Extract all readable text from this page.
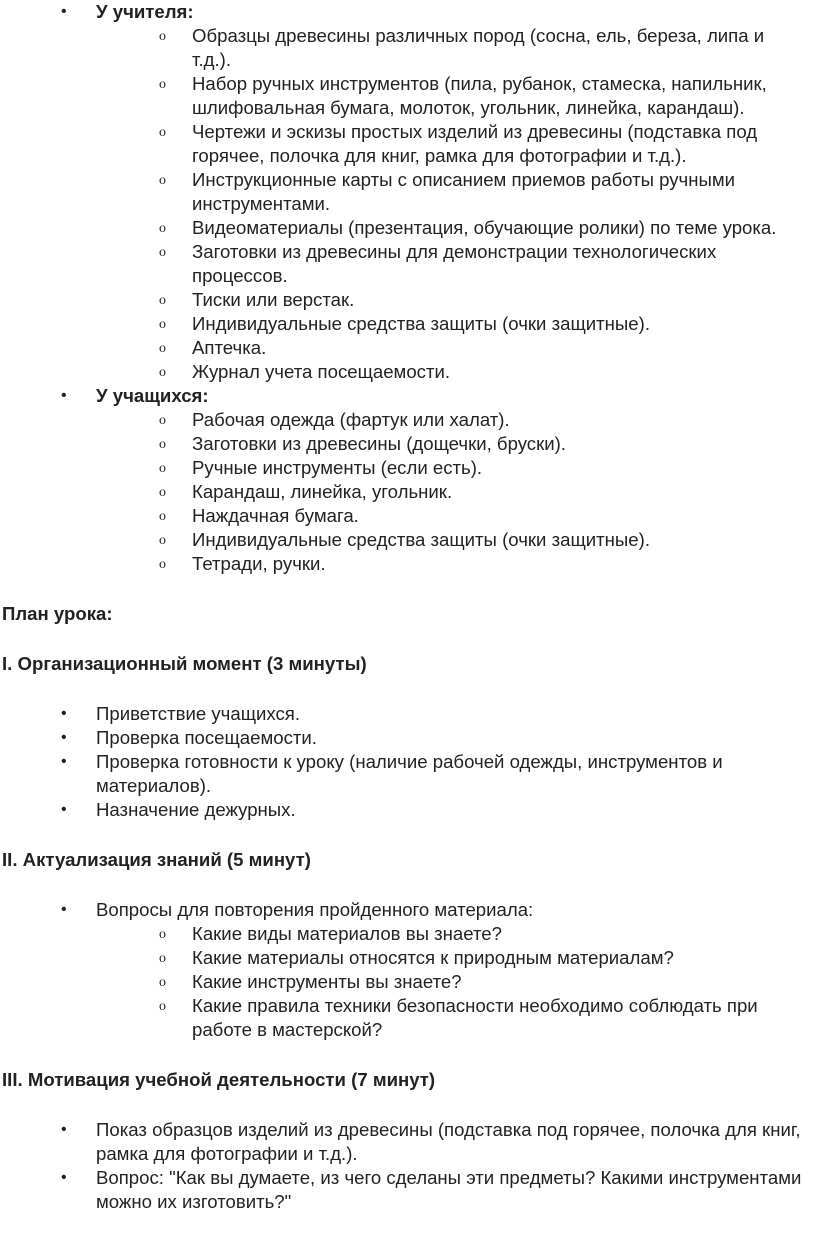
• У учителя:
o Образцы древесины различных пород (сосна, ель, береза, липа и т.д.).
o Набор ручных инструментов (пила, рубанок, стамеска, напильник, шлифовальная бумага, молоток, угольник, линейка, карандаш).
o Чертежи и эскизы простых изделий из древесины (подставка под горячее, полочка для книг, рамка для фотографии и т.д.).
o Инструкционные карты с описанием приемов работы ручными инструментами.
o Видеоматериалы (презентация, обучающие ролики) по теме урока.
o Заготовки из древесины для демонстрации технологических процессов.
o Тиски или верстак.
o Индивидуальные средства защиты (очки защитные).
o Аптечка.
o Журнал учета посещаемости.
• У учащихся:
o Рабочая одежда (фартук или халат).
o Заготовки из древесины (дощечки, бруски).
o Ручные инструменты (если есть).
o Карандаш, линейка, угольник.
o Наждачная бумага.
o Индивидуальные средства защиты (очки защитные).
o Тетради, ручки.
План урока:
I. Организационный момент (3 минуты)
• Приветствие учащихся.
• Проверка посещаемости.
• Проверка готовности к уроку (наличие рабочей одежды, инструментов и материалов).
• Назначение дежурных.
II. Актуализация знаний (5 минут)
• Вопросы для повторения пройденного материала:
o Какие виды материалов вы знаете?
o Какие материалы относятся к природным материалам?
o Какие инструменты вы знаете?
o Какие правила техники безопасности необходимо соблюдать при работе в мастерской?
III. Мотивация учебной деятельности (7 минут)
• Показ образцов изделий из древесины (подставка под горячее, полочка для книг, рамка для фотографии и т.д.).
• Вопрос: "Как вы думаете, из чего сделаны эти предметы? Какими инструментами можно их изготовить?"
